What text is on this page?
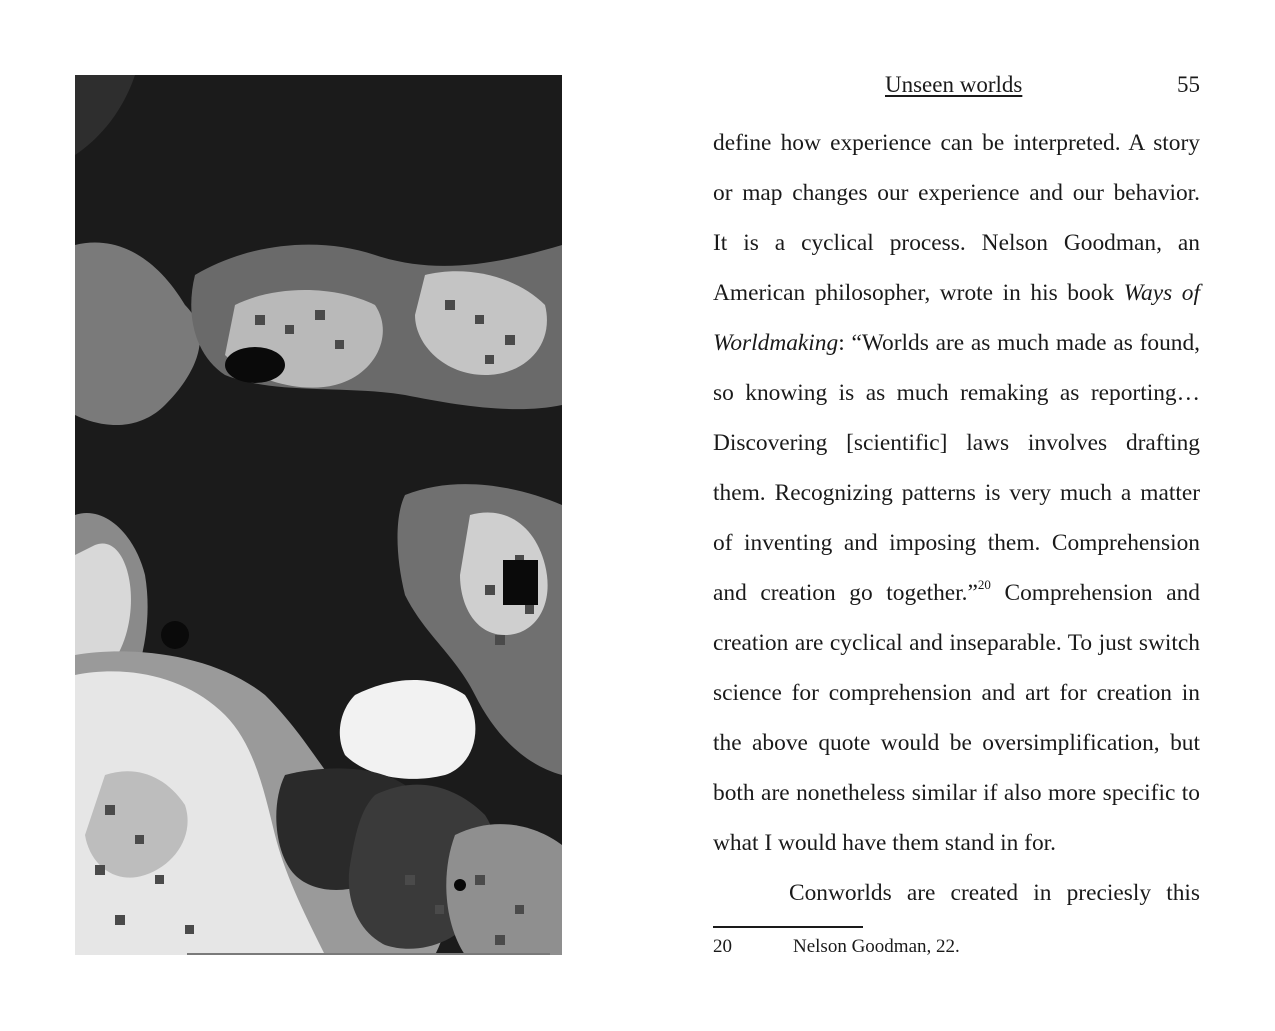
Unseen worlds	55
define how experience can be interpreted. A story
or map changes our experience and our behavior.
It is a cyclical process. Nelson Goodman, an
American philosopher, wrote in his book Ways of
Worldmaking: “Worlds are as much made as found,
so knowing is as much remaking as reporting…
Discovering [scientific] laws involves drafting
them. Recognizing patterns is very much a matter
of inventing and imposing them. Comprehension
and creation go together.”$^{20}$ Comprehension and
creation are cyclical and inseparable. To just switch
science for comprehension and art for creation in
the above quote would be oversimplification, but
both are nonetheless similar if also more specific to
what I would have them stand in for.
Conworlds are created in preciesly this
20	Nelson Goodman, 22.
